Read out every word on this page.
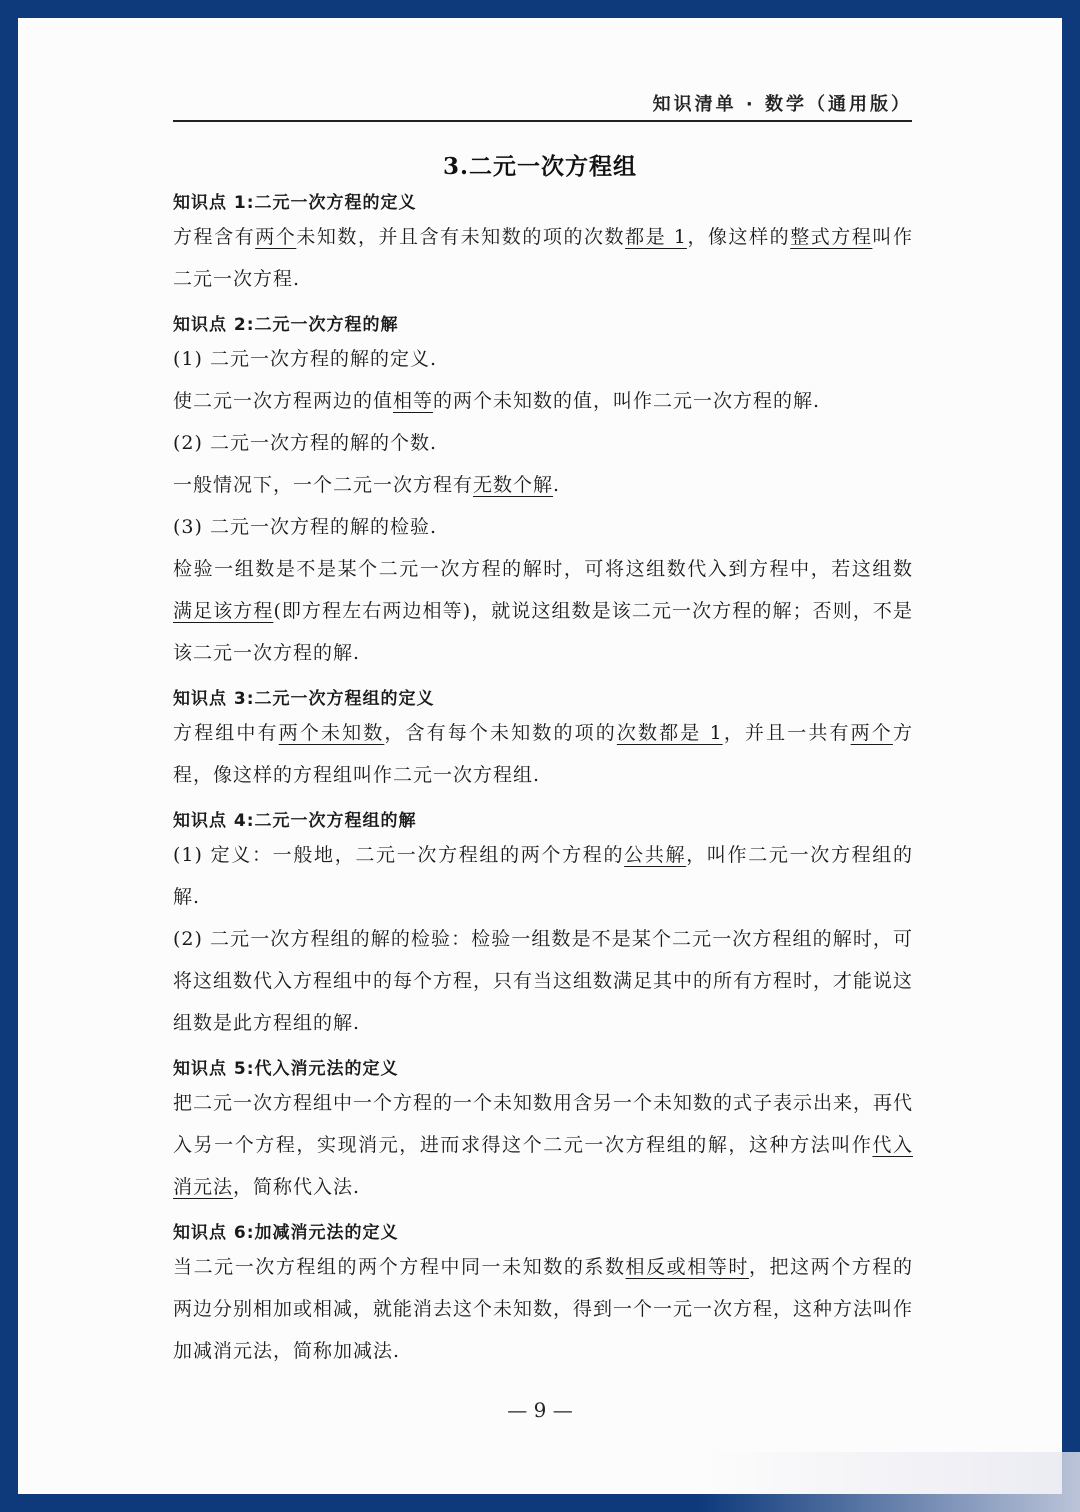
知识清单 · 数学（通用版）
3.二元一次方程组
知识点 1:二元一次方程的定义
方程含有两个未知数，并且含有未知数的项的次数都是 1，像这样的整式方程叫作二元一次方程.
知识点 2:二元一次方程的解
(1) 二元一次方程的解的定义.
使二元一次方程两边的值相等的两个未知数的值，叫作二元一次方程的解.
(2) 二元一次方程的解的个数.
一般情况下，一个二元一次方程有无数个解.
(3) 二元一次方程的解的检验.
检验一组数是不是某个二元一次方程的解时，可将这组数代入到方程中，若这组数满足该方程(即方程左右两边相等)，就说这组数是该二元一次方程的解；否则，不是该二元一次方程的解.
知识点 3:二元一次方程组的定义
方程组中有两个未知数，含有每个未知数的项的次数都是 1，并且一共有两个方程，像这样的方程组叫作二元一次方程组.
知识点 4:二元一次方程组的解
(1) 定义：一般地，二元一次方程组的两个方程的公共解，叫作二元一次方程组的解.
(2) 二元一次方程组的解的检验：检验一组数是不是某个二元一次方程组的解时，可将这组数代入方程组中的每个方程，只有当这组数满足其中的所有方程时，才能说这组数是此方程组的解.
知识点 5:代入消元法的定义
把二元一次方程组中一个方程的一个未知数用含另一个未知数的式子表示出来，再代入另一个方程，实现消元，进而求得这个二元一次方程组的解，这种方法叫作代入消元法，简称代入法.
知识点 6:加减消元法的定义
当二元一次方程组的两个方程中同一未知数的系数相反或相等时，把这两个方程的两边分别相加或相减，就能消去这个未知数，得到一个一元一次方程，这种方法叫作加减消元法，简称加减法.
— 9 —
